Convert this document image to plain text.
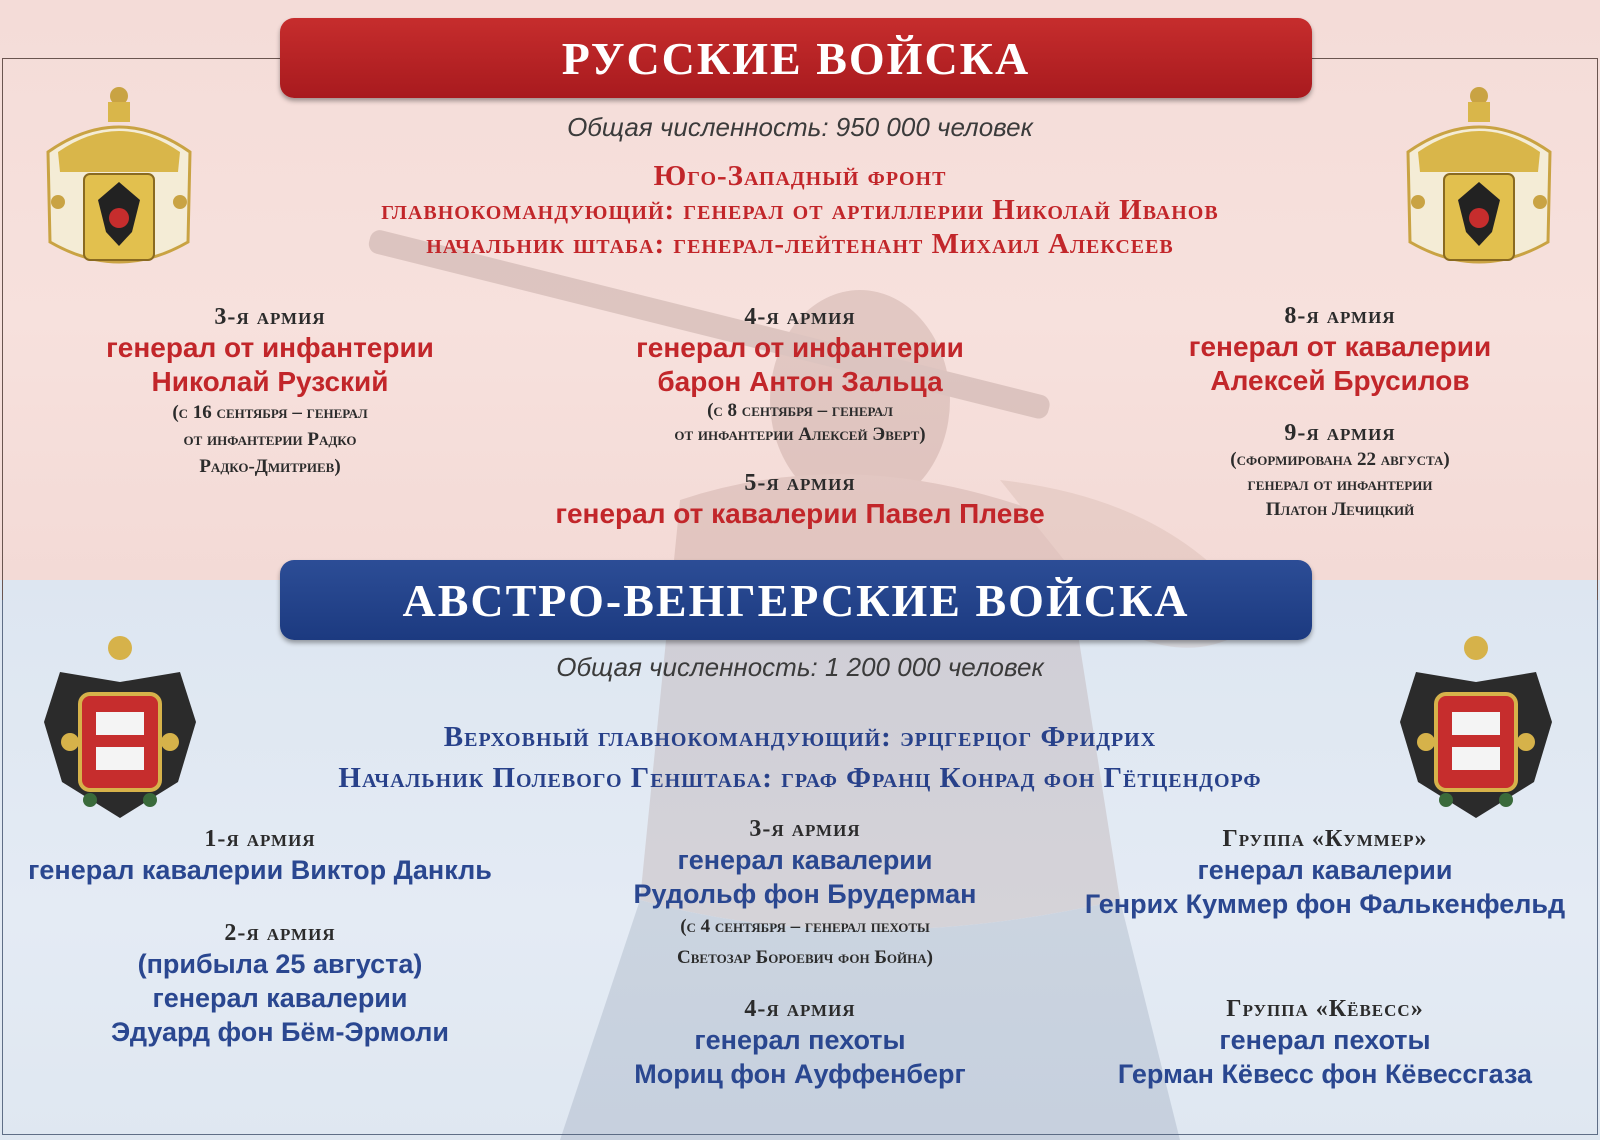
РУССКИЕ ВОЙСКА
Общая численность: 950 000 человек
Юго-Западный фронт
главнокомандующий: генерал от артиллерии Николай Иванов
начальник штаба: генерал-лейтенант Михаил Алексеев
3-я армия
генерал от инфантерии
Николай Рузский
(с 16 сентября – генерал
от инфантерии Радко
Радко-Дмитриев)
4-я армия
генерал от инфантерии
барон Антон Зальца
(с 8 сентября – генерал
от инфантерии Алексей Эверт)
5-я армия
генерал от кавалерии Павел Плеве
8-я армия
генерал от кавалерии
Алексей Брусилов
9-я армия
(сформирована 22 августа)
генерал от инфантерии
Платон Лечицкий
АВСТРО-ВЕНГЕРСКИЕ ВОЙСКА
Общая численность: 1 200 000 человек
Верховный главнокомандующий: эрцгерцог Фридрих
Начальник Полевого Генштаба: граф Франц Конрад фон Гётцендорф
1-я армия
генерал кавалерии Виктор Данкль
2-я армия
(прибыла 25 августа)
генерал кавалерии
Эдуард фон Бём-Эрмоли
3-я армия
генерал кавалерии
Рудольф фон Брудерман
(с 4 сентября – генерал пехоты
Светозар Бороевич фон Бойна)
4-я армия
генерал пехоты
Мориц фон Ауффенберг
Группа «Куммер»
генерал кавалерии
Генрих Куммер фон Фалькенфельд
Группа «Кёвесс»
генерал пехоты
Герман Кёвесс фон Кёвессгаза
